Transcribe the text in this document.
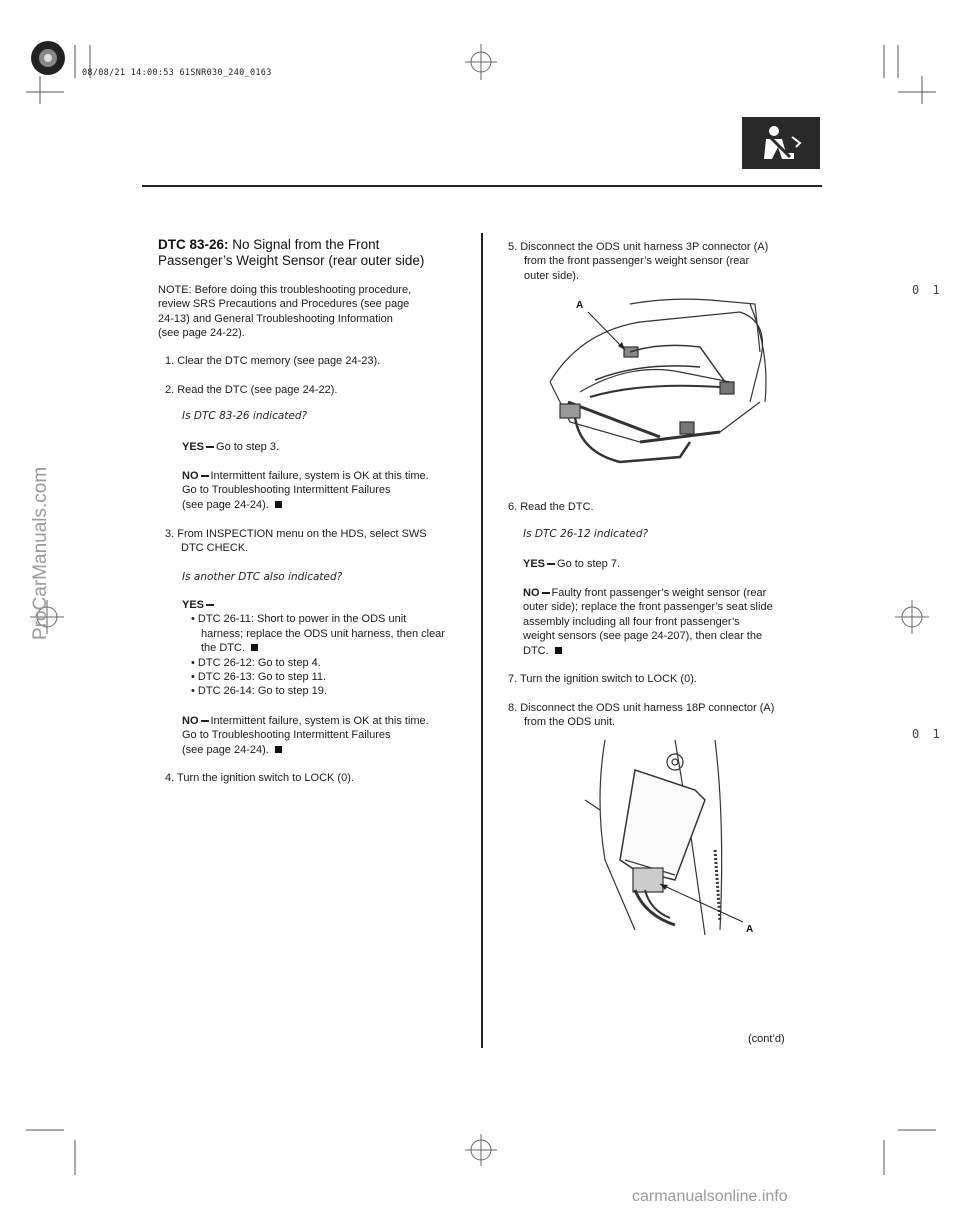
08/08/21 14:00:53 61SNR030_240_0163
DTC 83-26: No Signal from the Front
Passenger’s Weight Sensor (rear outer side)
NOTE: Before doing this troubleshooting procedure,
review SRS Precautions and Procedures (see page
24-13) and General Troubleshooting Information
(see page 24-22).
1. Clear the DTC memory (see page 24-23).
2. Read the DTC (see page 24-22).
Is DTC 83-26 indicated?
YES Go to step 3.
NO Intermittent failure, system is OK at this time.
Go to Troubleshooting Intermittent Failures
(see page 24-24).
3. From INSPECTION menu on the HDS, select SWS
DTC CHECK.
Is another DTC also indicated?
YES
• DTC 26-11: Short to power in the ODS unit
harness; replace the ODS unit harness, then clear
the DTC.
• DTC 26-12: Go to step 4.
• DTC 26-13: Go to step 11.
• DTC 26-14: Go to step 19.
NO Intermittent failure, system is OK at this time.
Go to Troubleshooting Intermittent Failures
(see page 24-24).
4. Turn the ignition switch to LOCK (0).
5. Disconnect the ODS unit harness 3P connector (A)
from the front passenger’s weight sensor (rear
outer side).
A
6. Read the DTC.
Is DTC 26-12 indicated?
YES Go to step 7.
NO Faulty front passenger’s weight sensor (rear
outer side); replace the front passenger’s seat slide
assembly including all four front passenger’s
weight sensors (see page 24-207), then clear the
DTC.
7. Turn the ignition switch to LOCK (0).
8. Disconnect the ODS unit harness 18P connector (A)
from the ODS unit.
A
(cont’d)
0 1
0 1
ProCarManuals.com
carmanualsonline.info
